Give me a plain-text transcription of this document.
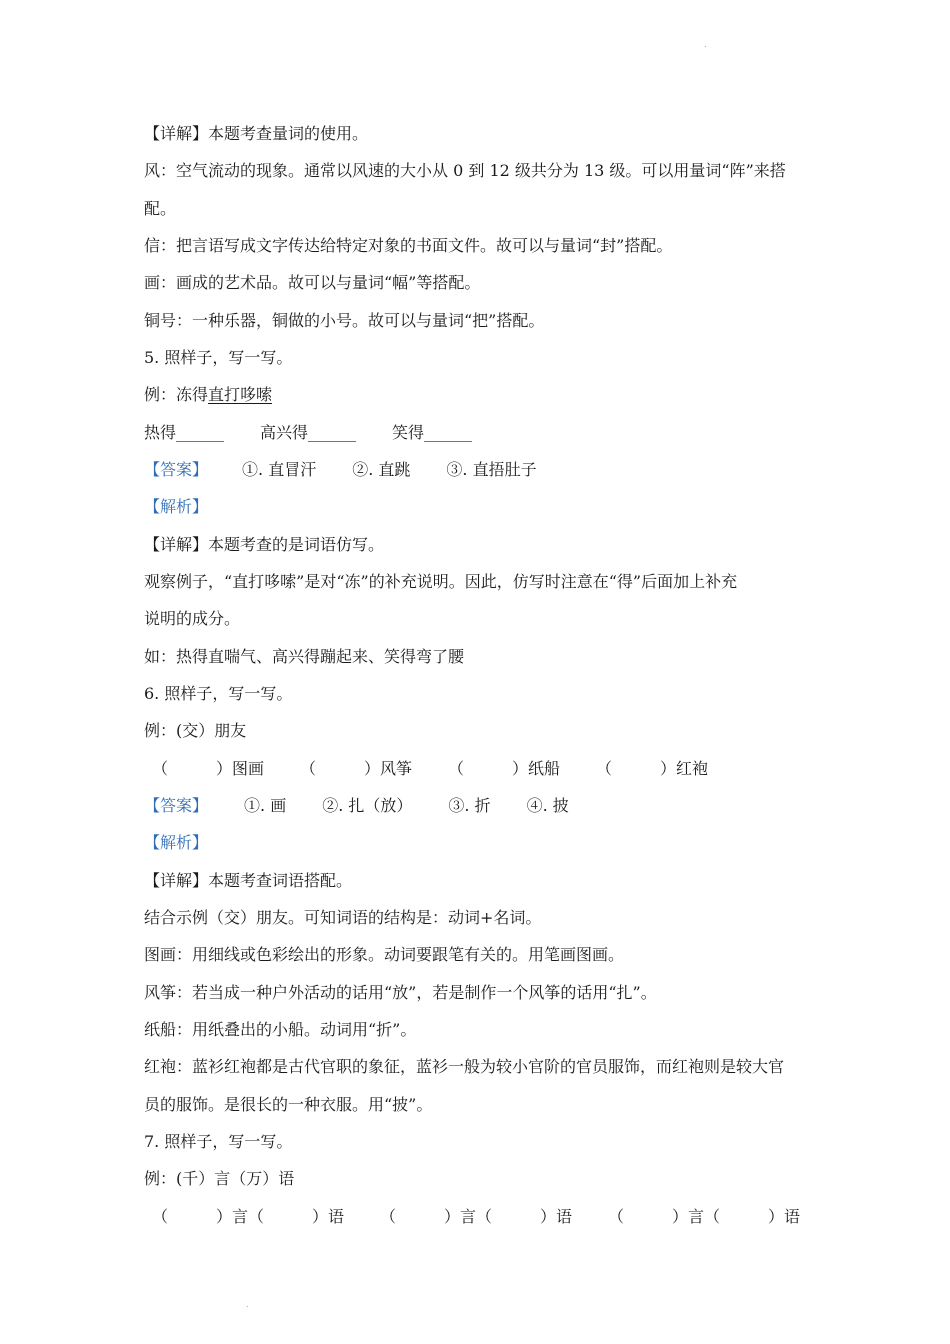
.
【详解】本题考查量词的使用。
风：空气流动的现象。通常以风速的大小从 0 到 12 级共分为 13 级。可以用量词“阵”来搭
配。
信：把言语写成文字传达给特定对象的书面文件。故可以与量词“封”搭配。
画：画成的艺术品。故可以与量词“幅”等搭配。
铜号：一种乐器，铜做的小号。故可以与量词“把”搭配。
5. 照样子，写一写。
例：冻得直打哆嗦
热得______ 高兴得______ 笑得______
【答案】 ①. 直冒汗 ②. 直跳 ③. 直捂肚子
【解析】
【详解】本题考查的是词语仿写。
观察例子，“直打哆嗦”是对“冻”的补充说明。因此，仿写时注意在“得”后面加上补充
说明的成分。
如：热得直喘气、高兴得蹦起来、笑得弯了腰
6. 照样子，写一写。
例：(交）朋友
（　　　）图画 （　　　）风筝 （　　　）纸船 （　　　）红袍
【答案】 ①. 画 ②. 扎（放） ③. 折 ④. 披
【解析】
【详解】本题考查词语搭配。
结合示例（交）朋友。可知词语的结构是：动词+名词。
图画：用细线或色彩绘出的形象。动词要跟笔有关的。用笔画图画。
风筝：若当成一种户外活动的话用“放”，若是制作一个风筝的话用“扎”。
纸船：用纸叠出的小船。动词用“折”。
红袍：蓝衫红袍都是古代官职的象征，蓝衫一般为较小官阶的官员服饰，而红袍则是较大官
员的服饰。是很长的一种衣服。用“披”。
7. 照样子，写一写。
例：(千）言（万）语
（　　　）言（　　　）语 （　　　）言（　　　）语 （　　　）言（　　　）语
.
